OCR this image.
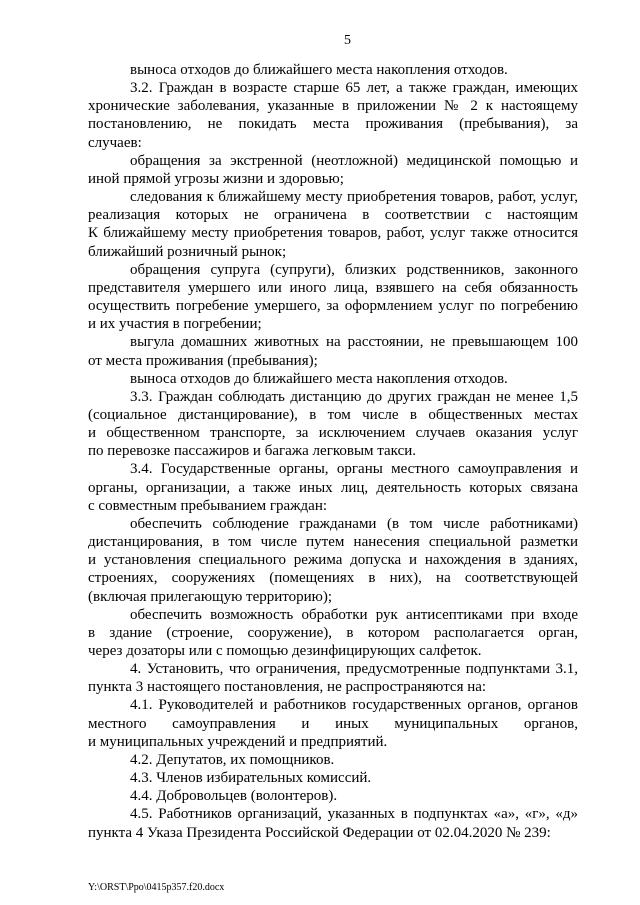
5
выноса отходов до ближайшего места накопления отходов.
3.2. Граждан в возрасте старше 65 лет, а также граждан, имеющих
хронические заболевания, указанные в приложении № 2 к настоящему
постановлению, не покидать места проживания (пребывания), за
случаев:
обращения за экстренной (неотложной) медицинской помощью и
иной прямой угрозы жизни и здоровью;
следования к ближайшему месту приобретения товаров, работ, услуг,
реализация которых не ограничена в соответствии с настоящим
К ближайшему месту приобретения товаров, работ, услуг также относится
ближайший розничный рынок;
обращения супруга (супруги), близких родственников, законного
представителя умершего или иного лица, взявшего на себя обязанность
осуществить погребение умершего, за оформлением услуг по погребению
и их участия в погребении;
выгула домашних животных на расстоянии, не превышающем 100
от места проживания (пребывания);
выноса отходов до ближайшего места накопления отходов.
3.3. Граждан соблюдать дистанцию до других граждан не менее 1,5
(социальное дистанцирование), в том числе в общественных местах
и общественном транспорте, за исключением случаев оказания услуг
по перевозке пассажиров и багажа легковым такси.
3.4. Государственные органы, органы местного самоуправления и
органы, организации, а также иных лиц, деятельность которых связана
с совместным пребыванием граждан:
обеспечить соблюдение гражданами (в том числе работниками)
дистанцирования, в том числе путем нанесения специальной разметки
и установления специального режима допуска и нахождения в зданиях,
строениях, сооружениях (помещениях в них), на соответствующей
(включая прилегающую территорию);
обеспечить возможность обработки рук антисептиками при входе
в здание (строение, сооружение), в котором располагается орган,
через дозаторы или с помощью дезинфицирующих салфеток.
4. Установить, что ограничения, предусмотренные подпунктами 3.1,
пункта 3 настоящего постановления, не распространяются на:
4.1. Руководителей и работников государственных органов, органов
местного самоуправления и иных муниципальных органов,
и муниципальных учреждений и предприятий.
4.2. Депутатов, их помощников.
4.3. Членов избирательных комиссий.
4.4. Добровольцев (волонтеров).
4.5. Работников организаций, указанных в подпунктах «а», «г», «д»
пункта 4 Указа Президента Российской Федерации от 02.04.2020 № 239:
Y:\ORST\Ppo\0415p357.f20.docx
